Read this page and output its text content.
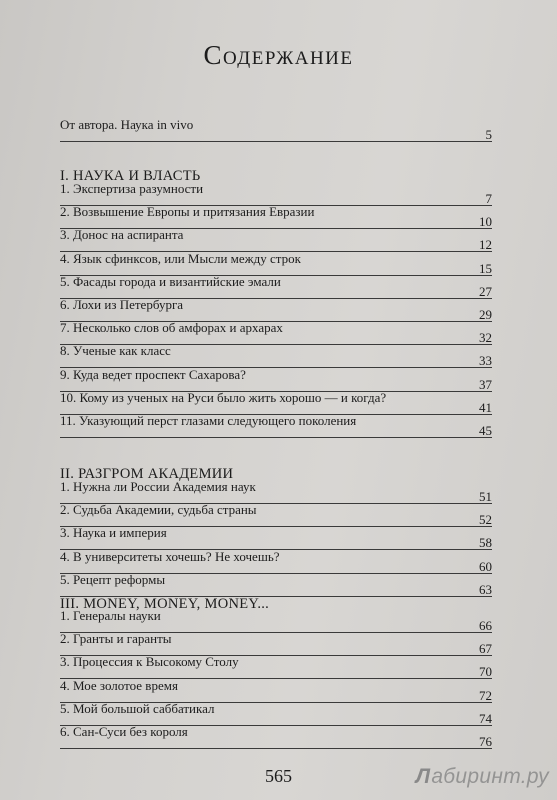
Содержание
От автора. Наука in vivo
5
I. НАУКА И ВЛАСТЬ
1. Экспертиза разумности
7
2. Возвышение Европы и притязания Евразии
10
3. Донос на аспиранта
12
4. Язык сфинксов, или Мысли между строк
15
5. Фасады города и византийские эмали
27
6. Лохи из Петербурга
29
7. Несколько слов об амфорах и архарах
32
8. Ученые как класс
33
9. Куда ведет проспект Сахарова?
37
10. Кому из ученых на Руси было жить хорошо — и когда?
41
11. Указующий перст глазами следующего поколения
45
II. РАЗГРОМ АКАДЕМИИ
1. Нужна ли России Академия наук
51
2. Судьба Академии, судьба страны
52
3. Наука и империя
58
4. В университеты хочешь? Не хочешь?
60
5. Рецепт реформы
63
III. MONEY, MONEY, MONEY...
1. Генералы науки
66
2. Гранты и гаранты
67
3. Процессия к Высокому Столу
70
4. Мое золотое время
72
5. Мой большой саббатикал
74
6. Сан-Суси без короля
76
565	Лабиринт.ру
